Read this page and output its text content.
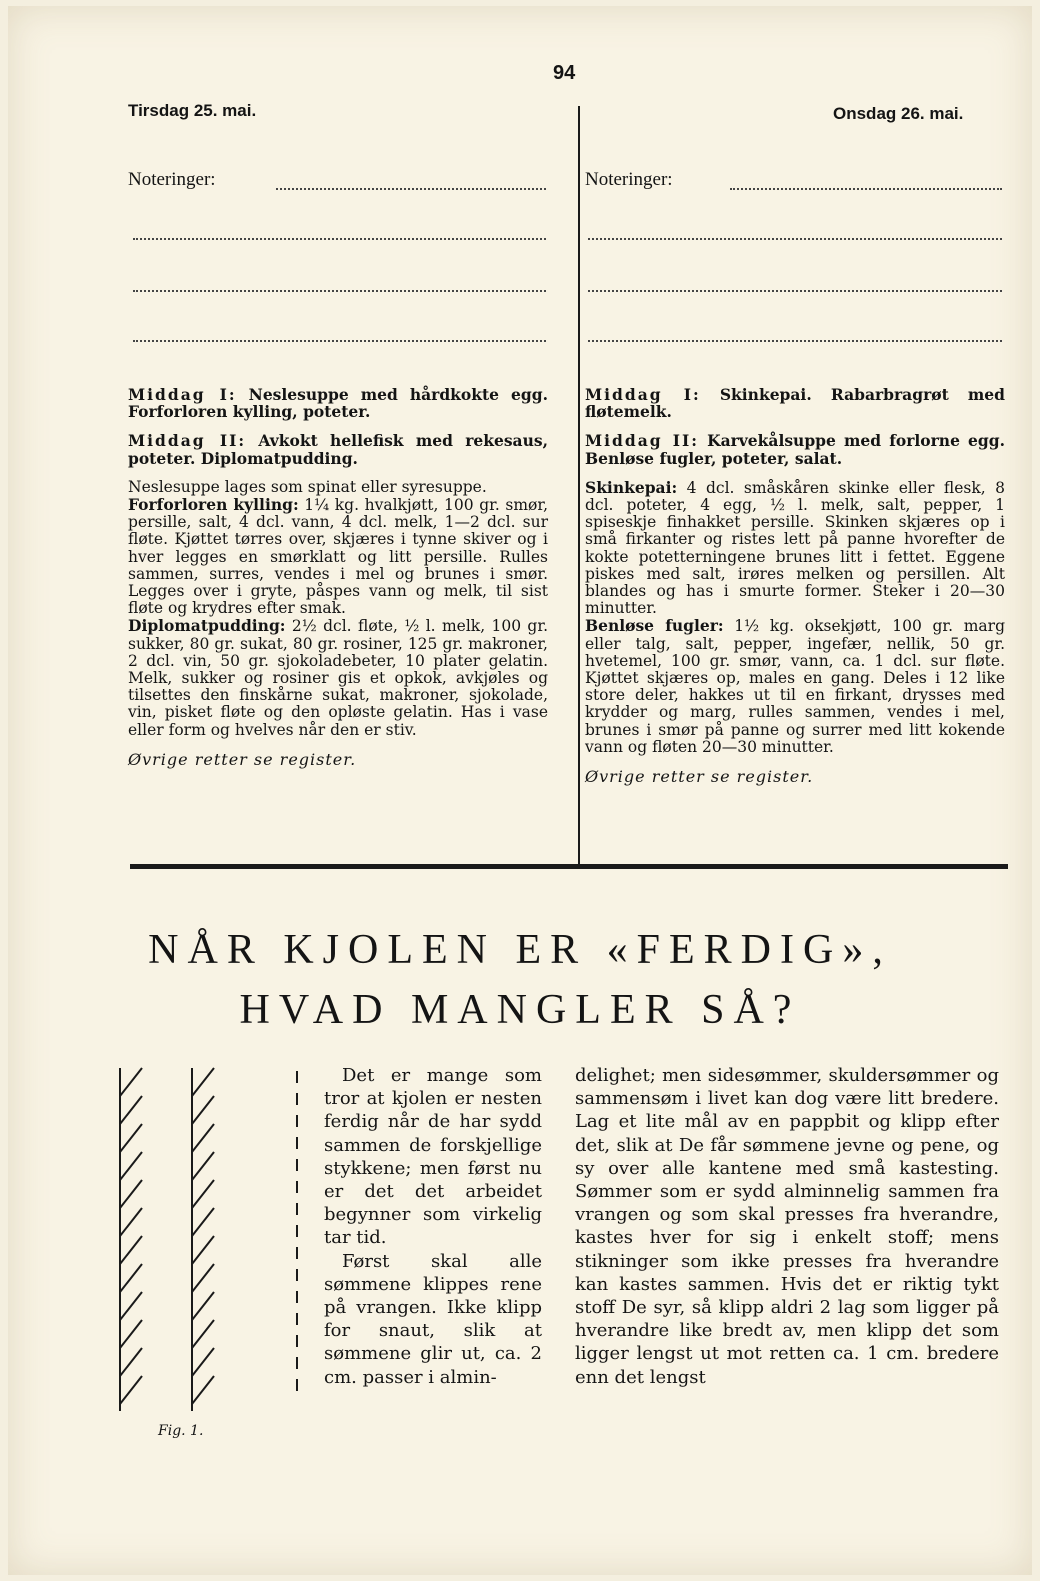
94
Tirsdag 25. mai.
Noteringer:

Middag I: Neslesuppe med hårdkokte egg. Forforloren kylling, poteter.

Middag II: Avkokt hellefisk med rekesaus, poteter. Diplomatpudding.

Neslesuppe lages som spinat eller syresuppe.

Forforloren kylling: 1¼ kg. hvalkjøtt, 100 gr. smør, persille, salt, 4 dcl. vann, 4 dcl. melk, 1—2 dcl. sur fløte. Kjøttet tørres over, skjæres i tynne skiver og i hver legges en smørklatt og litt persille. Rulles sammen, surres, vendes i mel og brunes i smør. Legges over i gryte, påspes vann og melk, til sist fløte og krydres efter smak.

Diplomatpudding: 2½ dcl. fløte, ½ l. melk, 100 gr. sukker, 80 gr. sukat, 80 gr. rosiner, 125 gr. makroner, 2 dcl. vin, 50 gr. sjokoladebeter, 10 plater gelatin. Melk, sukker og rosiner gis et opkok, avkjøles og tilsettes den finskårne sukat, makroner, sjokolade, vin, pisket fløte og den opløste gelatin. Has i vase eller form og hvelves når den er stiv.

Øvrige retter se register.

Onsdag 26. mai.
Noteringer:

Middag I: Skinkepai. Rabarbragrøt med fløtemelk.

Middag II: Karvekålsuppe med forlorne egg. Benløse fugler, poteter, salat.

Skinkepai: 4 dcl. småskåren skinke eller flesk, 8 dcl. poteter, 4 egg, ½ l. melk, salt, pepper, 1 spiseskje finhakket persille. Skinken skjæres op i små firkanter og ristes lett på panne hvorefter de kokte potetterningene brunes litt i fettet. Eggene piskes med salt, irøres melken og persillen. Alt blandes og has i smurte former. Steker i 20—30 minutter.

Benløse fugler: 1½ kg. oksekjøtt, 100 gr. marg eller talg, salt, pepper, ingefær, nellik, 50 gr. hvetemel, 100 gr. smør, vann, ca. 1 dcl. sur fløte. Kjøttet skjæres op, males en gang. Deles i 12 like store deler, hakkes ut til en firkant, drysses med krydder og marg, rulles sammen, vendes i mel, brunes i smør på panne og surrer med litt kokende vann og fløten 20—30 minutter.

Øvrige retter se register.

NÅR KJOLEN ER «FERDIG»,
HVAD MANGLER SÅ?
Fig. 1.

Det er mange som tror at kjolen er nesten ferdig når de har sydd sammen de forskjellige stykkene; men først nu er det det arbeidet begynner som virkelig tar tid.

Først skal alle sømmene klippes rene på vrangen. Ikke klipp for snaut, slik at sømmene glir ut, ca. 2 cm. passer i almin-

delighet; men sidesømmer, skuldersømmer og sammensøm i livet kan dog være litt bredere. Lag et lite mål av en pappbit og klipp efter det, slik at De får sømmene jevne og pene, og sy over alle kantene med små kastesting. Sømmer som er sydd alminnelig sammen fra vrangen og som skal presses fra hverandre, kastes hver for sig i enkelt stoff; mens stikninger som ikke presses fra hverandre kan kastes sammen. Hvis det er riktig tykt stoff De syr, så klipp aldri 2 lag som ligger på hverandre like bredt av, men klipp det som ligger lengst ut mot retten ca. 1 cm. bredere enn det lengst
